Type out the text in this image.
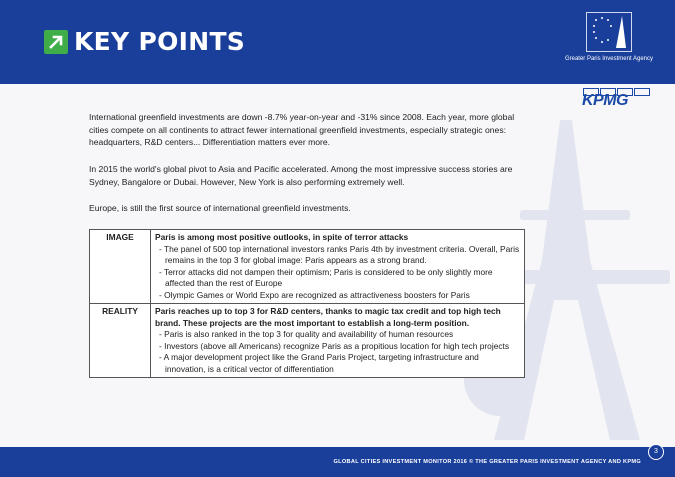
KEY POINTS
Greater Paris Investment Agency
KPMG
International greenfield investments are down -8.7% year-on-year and -31% since 2008. Each year, more global cities compete on all continents to attract fewer international greenfield investments, especially strategic ones: headquarters, R&D centers... Differentiation matters ever more.
In 2015 the world's global pivot to Asia and Pacific accelerated. Among the most impressive success stories are Sydney, Bangalore or Dubai. However, New York is also performing extremely well.
Europe, is still the first source of international greenfield investments.
IMAGE	Paris is among most positive outlooks, in spite of terror attacks
- The panel of 500 top international investors ranks Paris 4th by investment criteria. Overall, Paris remains in the top 3 for global image: Paris appears as a strong brand.
- Terror attacks did not dampen their optimism; Paris is considered to be only slightly more affected than the rest of Europe
- Olympic Games or World Expo are recognized as attractiveness boosters for Paris

REALITY	Paris reaches up to top 3 for R&D centers, thanks to magic tax credit and top high tech brand. These projects are the most important to establish a long-term position.
- Paris is also ranked in the top 3 for quality and availability of human resources
- Investors (above all Americans) recognize Paris as a propitious location for high tech projects
- A major development project like the Grand Paris Project, targeting infrastructure and innovation, is a critical vector of differentiation
GLOBAL CITIES INVESTMENT MONITOR 2016 © THE GREATER PARIS INVESTMENT AGENCY AND KPMG
3
